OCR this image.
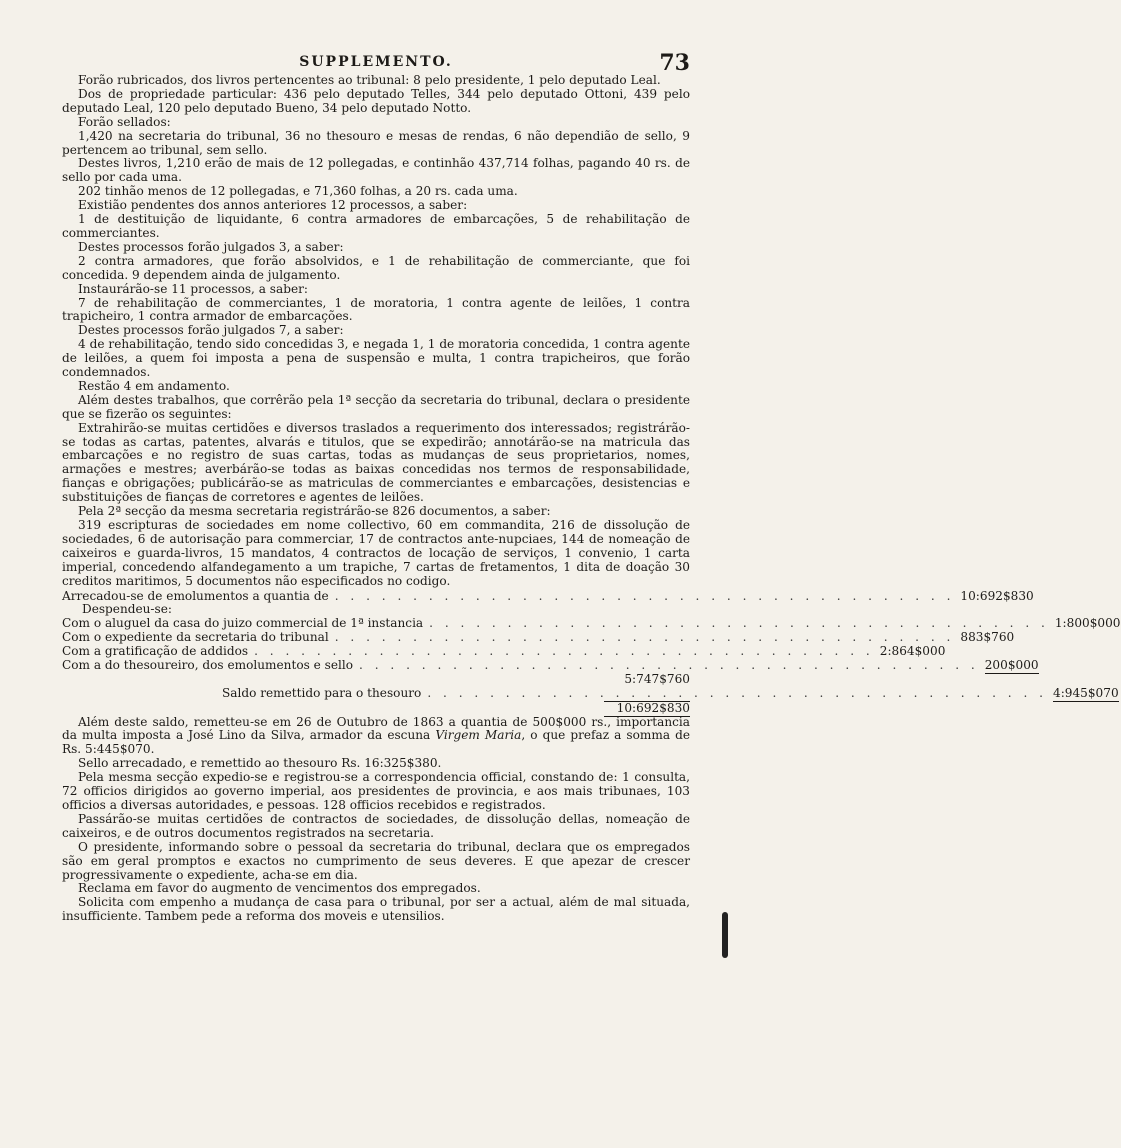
SUPPLEMENTO.	73

Forão rubricados, dos livros pertencentes ao tribunal: 8 pelo presidente, 1 pelo deputado Leal.

Dos de propriedade particular: 436 pelo deputado Telles, 344 pelo deputado Ottoni, 439 pelo deputado Leal, 120 pelo deputado Bueno, 34 pelo deputado Notto.

Forão sellados:

1,420 na secretaria do tribunal, 36 no thesouro e mesas de rendas, 6 não dependião de sello, 9 pertencem ao tribunal, sem sello.

Destes livros, 1,210 erão de mais de 12 pollegadas, e continhão 437,714 folhas, pagando 40 rs. de sello por cada uma.

202 tinhão menos de 12 pollegadas, e 71,360 folhas, a 20 rs. cada uma.

Existião pendentes dos annos anteriores 12 processos, a saber:

1 de destituição de liquidante, 6 contra armadores de embarcações, 5 de rehabilitação de commerciantes.

Destes processos forão julgados 3, a saber:

2 contra armadores, que forão absolvidos, e 1 de rehabilitação de commerciante, que foi concedida. 9 dependem ainda de julgamento.

Instaurárão-se 11 processos, a saber:

7 de rehabilitação de commerciantes, 1 de moratoria, 1 contra agente de leilões, 1 contra trapicheiro, 1 contra armador de embarcações.

Destes processos forão julgados 7, a saber:

4 de rehabilitação, tendo sido concedidas 3, e negada 1, 1 de moratoria concedida, 1 contra agente de leilões, a quem foi imposta a pena de suspensão e multa, 1 contra trapicheiros, que forão condemnados.

Restão 4 em andamento.

Além destes trabalhos, que corrêrão pela 1ª secção da secretaria do tribunal, declara o presidente que se fizerão os seguintes:

Extrahirão-se muitas certidões e diversos traslados a requerimento dos interessados; registrárão-se todas as cartas, patentes, alvarás e titulos, que se expedirão; annotárão-se na matricula das embarcações e no registro de suas cartas, todas as mudanças de seus proprietarios, nomes, armações e mestres; averbárão-se todas as baixas concedidas nos termos de responsabilidade, fianças e obrigações; publicárão-se as matriculas de commerciantes e embarcações, desistencias e substituições de fianças de corretores e agentes de leilões.

Pela 2ª secção da mesma secretaria registrárão-se 826 documentos, a saber:

319 escripturas de sociedades em nome collectivo, 60 em commandita, 216 de dissolução de sociedades, 6 de autorisação para commerciar, 17 de contractos ante-nupciaes, 144 de nomeação de caixeiros e guarda-livros, 15 mandatos, 4 contractos de locação de serviços, 1 convenio, 1 carta imperial, concedendo alfandegamento a um trapiche, 7 cartas de fretamentos, 1 dita de doação 30 creditos maritimos, 5 documentos não especificados no codigo.

Arrecadou-se de emolumentos a quantia de . . . . . . . . . . . . . . . . . . . . . . . . . . . . . . . . . . . . . . . . 10:692$830
Despendeu-se:
Com o aluguel da casa do juizo commercial de 1ª instancia . . . . . . . . . . . . . . . . . . . . . . . . . . . . . . . . . . . . . . . . 1:800$000
Com o expediente da secretaria do tribunal . . . . . . . . . . . . . . . . . . . . . . . . . . . . . . . . . . . . . . . . 883$760
Com a gratificação de addidos . . . . . . . . . . . . . . . . . . . . . . . . . . . . . . . . . . . . . . . . 2:864$000
Com a do thesoureiro, dos emolumentos e sello . . . . . . . . . . . . . . . . . . . . . . . . . . . . . . . . . . . . . . . . 200$000
5:747$760
Saldo remettido para o thesouro . . . . . . . . . . . . . . . . . . . . . . . . . . . . . . . . . . . . . . . . 4:945$070
10:692$830

Além deste saldo, remetteu-se em 26 de Outubro de 1863 a quantia de 500$000 rs., importancia da multa imposta a José Lino da Silva, armador da escuna Virgem Maria, o que prefaz a somma de Rs. 5:445$070.

Sello arrecadado, e remettido ao thesouro Rs. 16:325$380.

Pela mesma secção expedio-se e registrou-se a correspondencia official, constando de: 1 consulta, 72 officios dirigidos ao governo imperial, aos presidentes de provincia, e aos mais tribunaes, 103 officios a diversas autoridades, e pessoas. 128 officios recebidos e registrados.

Passárão-se muitas certidões de contractos de sociedades, de dissolução dellas, nomeação de caixeiros, e de outros documentos registrados na secretaria.

O presidente, informando sobre o pessoal da secretaria do tribunal, declara que os empregados são em geral promptos e exactos no cumprimento de seus deveres. E que apezar de crescer progressivamente o expediente, acha-se em dia.

Reclama em favor do augmento de vencimentos dos empregados.

Solicita com empenho a mudança de casa para o tribunal, por ser a actual, além de mal situada, insufficiente. Tambem pede a reforma dos moveis e utensilios.
